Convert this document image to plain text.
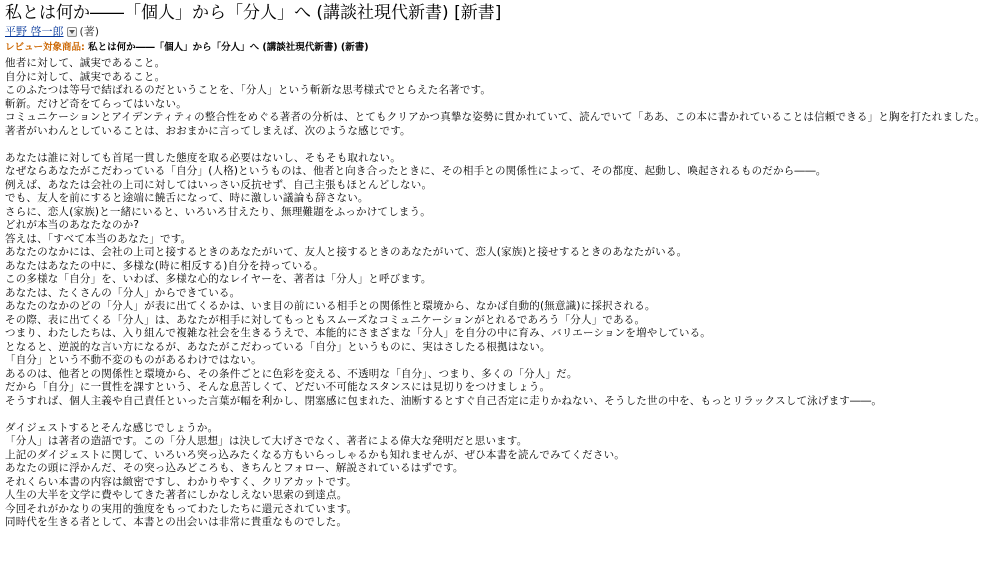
私とは何か――「個人」から「分人」へ (講談社現代新書) [新書]
平野 啓一郎 (著)
レビュー対象商品: 私とは何か――「個人」から「分人」へ (講談社現代新書) (新書)

他者に対して、誠実であること。

自分に対して、誠実であること。

このふたつは等号で結ばれるのだということを、「分人」という斬新な思考様式でとらえた名著です。

斬新。だけど奇をてらってはいない。

コミュニケーションとアイデンティティの整合性をめぐる著者の分析は、とてもクリアかつ真摯な姿勢に貫かれていて、読んでいて「ああ、この本に書かれていることは信頼できる」と胸を打たれました。

著者がいわんとしていることは、おおまかに言ってしまえば、次のような感じです。

あなたは誰に対しても首尾一貫した態度を取る必要はないし、そもそも取れない。

なぜならあなたがこだわっている「自分」(人格)というものは、他者と向き合ったときに、その相手との関係性によって、その都度、起動し、喚起されるものだから――。

例えば、あなたは会社の上司に対してはいっさい反抗せず、自己主張もほとんどしない。

でも、友人を前にすると途端に饒舌になって、時に激しい議論も辞さない。

さらに、恋人(家族)と一緒にいると、いろいろ甘えたり、無理難題をふっかけてしまう。

どれが本当のあなたなのか?

答えは、「すべて本当のあなた」です。

あなたのなかには、会社の上司と接するときのあなたがいて、友人と接するときのあなたがいて、恋人(家族)と接せするときのあなたがいる。

あなたはあなたの中に、多様な(時に相反する)自分を持っている。

この多様な「自分」を、いわば、多様な心的なレイヤーを、著者は「分人」と呼びます。

あなたは、たくさんの「分人」からできている。

あなたのなかのどの「分人」が表に出てくるかは、いま目の前にいる相手との関係性と環境から、なかば自動的(無意識)に採択される。

その際、表に出てくる「分人」は、あなたが相手に対してもっともスムーズなコミュニケーションがとれるであろう「分人」である。

つまり、わたしたちは、入り組んで複雑な社会を生きるうえで、本能的にさまざまな「分人」を自分の中に育み、バリエーションを増やしている。

となると、逆説的な言い方になるが、あなたがこだわっている「自分」というものに、実はさしたる根拠はない。

「自分」という不動不変のものがあるわけではない。

あるのは、他者との関係性と環境から、その条件ごとに色彩を変える、不透明な「自分」、つまり、多くの「分人」だ。

だから「自分」に一貫性を課すという、そんな息苦しくて、どだい不可能なスタンスには見切りをつけましょう。

そうすれば、個人主義や自己責任といった言葉が幅を利かし、閉塞感に包まれた、油断するとすぐ自己否定に走りかねない、そうした世の中を、もっとリラックスして泳げます――。

ダイジェストするとそんな感じでしょうか。

「分人」は著者の造語です。この「分人思想」は決して大げさでなく、著者による偉大な発明だと思います。

上記のダイジェストに関して、いろいろ突っ込みたくなる方もいらっしゃるかも知れませんが、ぜひ本書を読んでみてください。

あなたの頭に浮かんだ、その突っ込みどころも、きちんとフォロー、解説されているはずです。

それくらい本書の内容は緻密ですし、わかりやすく、クリアカットです。

人生の大半を文学に費やしてきた著者にしかなしえない思索の到達点。

今回それがかなりの実用的強度をもってわたしたちに還元されています。

同時代を生きる者として、本書との出会いは非常に貴重なものでした。
